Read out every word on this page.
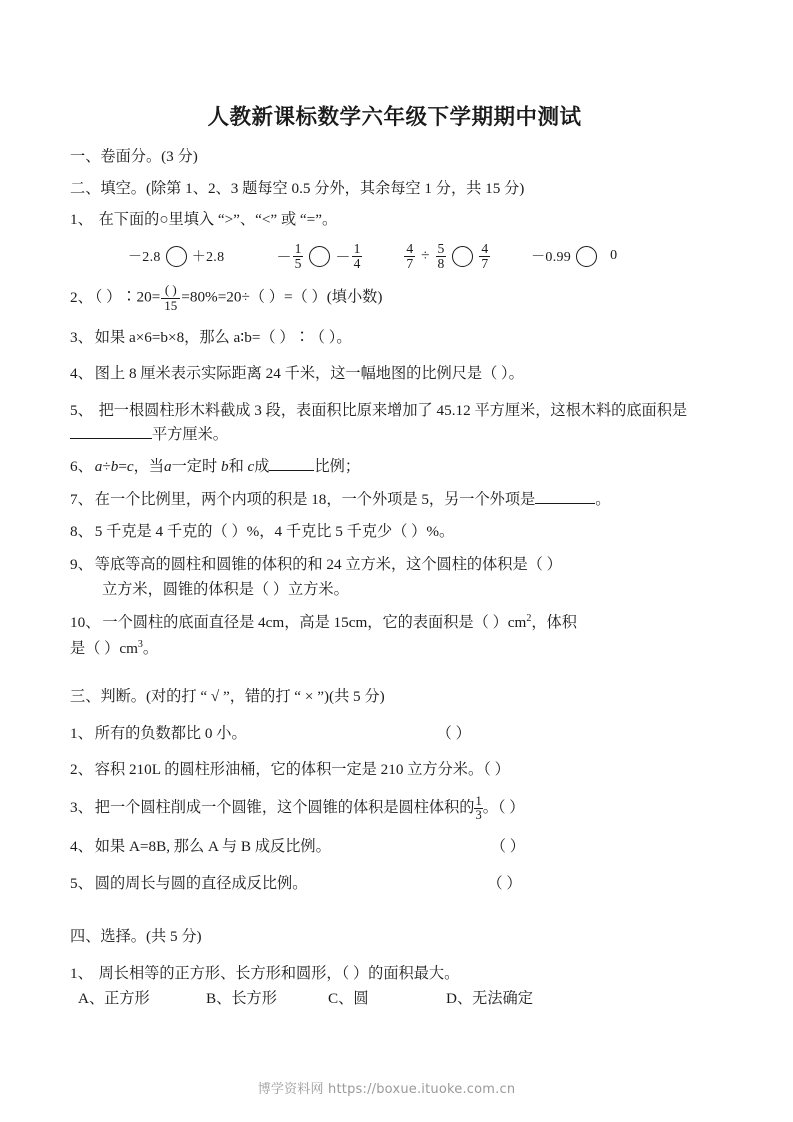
人教新课标数学六年级下学期期中测试

一、卷面分。(3 分)

二、填空。(除第 1、2、3 题每空 0.5 分外，其余每空 1 分，共 15 分)

1、 在下面的○里填入 “>”、“<” 或 “=”。

－2.8 ＋2.8	－ $\frac{1}{5} - \frac{1}{4}$	$\frac{4}{7} \div \frac{5}{8} \frac{4}{7}$	－0.99	0

2、 （ ）∶20= $\frac{( )}{15} =80\%=20\div$（ ）=（ ）(填小数)

3、 如果 a×6=b×8，那么 a∶b=（ ）∶（ ）。

4、 图上 8 厘米表示实际距离 24 千米，这一幅地图的比例尺是（ ）。

5、 把一根圆柱形木料截成 3 段，表面积比原来增加了 45.12 平方厘米，这根木料的底面积是平方厘米。

6、 a÷b=c，当a一定时 b和 c成	比例；

7、 在一个比例里，两个内项的积是 18，一个外项是 5，另一个外项是	。

8、 5 千克是 4 千克的（ ）%，4 千克比 5 千克少（ ）%。

9、 等底等高的圆柱和圆锥的体积的和 24 立方米，这个圆柱的体积是（ ）

立方米，圆锥的体积是（ ）立方米。

10、 一个圆柱的底面直径是 4cm，高是 15cm，它的表面积是（ ）$cm^2$，体积

是（ ）$cm^3$。

三、判断。(对的打 “ √ ”，错的打 “ × ”)(共 5 分)

1、 所有的负数都比 0 小。	（ ）

2、 容积 210L 的圆柱形油桶，它的体积一定是 210 立方分米。（ ）

3、 把一个圆柱削成一个圆锥，这个圆锥的体积是圆柱体积的 $\frac{1}{3}$ 。（ ）

4、 如果 A=8B, 那么 A 与 B 成反比例。	（ ）

5、 圆的周长与圆的直径成反比例。	（ ）

四、选择。(共 5 分)

1、 周长相等的正方形、长方形和圆形，（ ）的面积最大。

A、正方形	B、长方形	C、圆	D、无法确定
博学资料网 https://boxue.ituoke.com.cn
